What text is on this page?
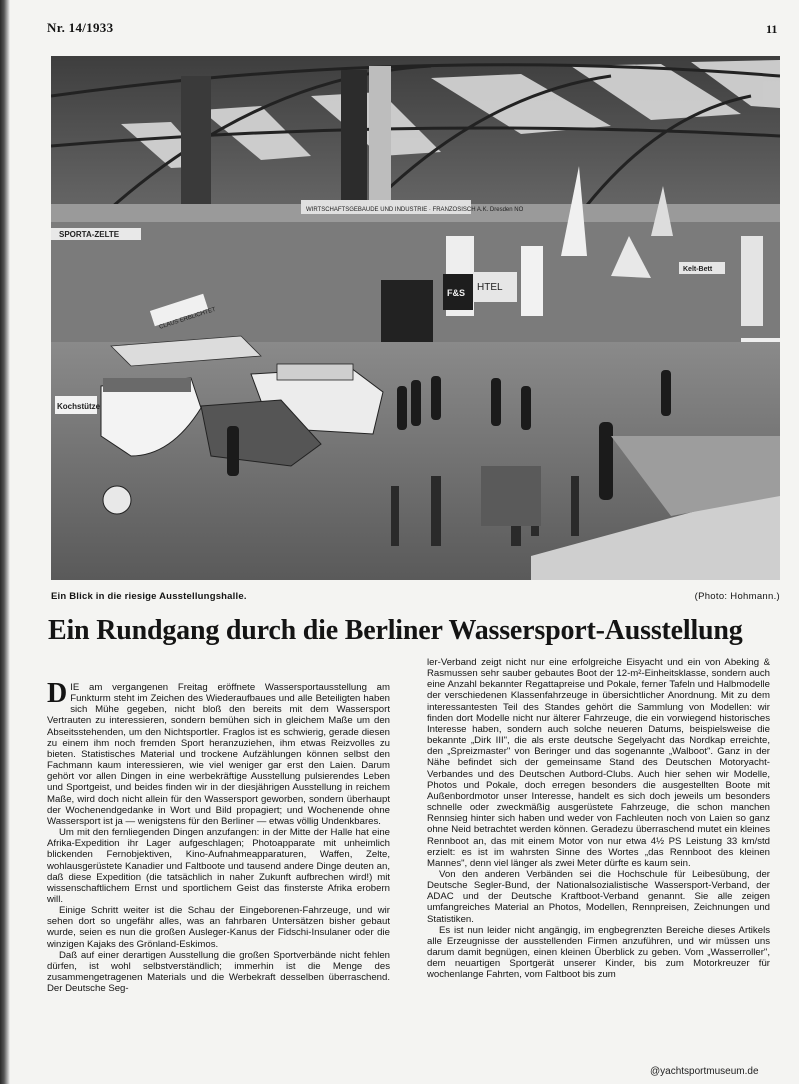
Nr. 14/1933	11
WIRTSCHAFTSGEBAUDE UND INDUSTRIE · FRANZOSISCH A.K. Dresden NO
SPORTA-ZELTE
F&S HTEL
Kelt-Bett
CLAUS ERBLICHTET
Kochstütze
Ein Blick in die riesige Ausstellungshalle.	(Photo: Hohmann.)
Ein Rundgang durch die Berliner Wassersport-Ausstellung

DIE am vergangenen Freitag eröffnete Wassersportausstellung am Funkturm steht im Zeichen des Wiederaufbaues und alle Beteiligten haben sich Mühe gegeben, nicht bloß den bereits mit dem Wassersport Vertrauten zu interessieren, sondern bemühen sich in gleichem Maße um den Abseitsstehenden, um den Nichtsportler. Fraglos ist es schwierig, gerade diesen zu einem ihm noch fremden Sport heranzuziehen, ihm etwas Reizvolles zu bieten. Statistisches Material und trockene Aufzählungen können selbst den Fachmann kaum interessieren, wie viel weniger gar erst den Laien. Darum gehört vor allen Dingen in eine werbekräftige Ausstellung pulsierendes Leben und Sportgeist, und beides finden wir in der diesjährigen Ausstellung in reichem Maße, wird doch nicht allein für den Wassersport geworben, sondern überhaupt der Wochenendgedanke in Wort und Bild propagiert; und Wochenende ohne Wassersport ist ja — wenigstens für den Berliner — etwas völlig Undenkbares.

Um mit den fernliegenden Dingen anzufangen: in der Mitte der Halle hat eine Afrika-Expedition ihr Lager aufgeschlagen; Photoapparate mit unheimlich blickenden Fernobjektiven, Kino-Aufnahmeapparaturen, Waffen, Zelte, wohlausgerüstete Kanadier und Faltboote und tausend andere Dinge deuten an, daß diese Expedition (die tatsächlich in naher Zukunft aufbrechen wird!) mit wissenschaftlichem Ernst und sportlichem Geist das finsterste Afrika erobern will.

Einige Schritt weiter ist die Schau der Eingeborenen-Fahrzeuge, und wir sehen dort so ungefähr alles, was an fahrbaren Untersätzen bisher gebaut wurde, seien es nun die großen Ausleger-Kanus der Fidschi-Insulaner oder die winzigen Kajaks des Grönland-Eskimos.

Daß auf einer derartigen Ausstellung die großen Sportverbände nicht fehlen dürfen, ist wohl selbstverständlich; immerhin ist die Menge des zusammengetragenen Materials und die Werbekraft desselben überraschend. Der Deutsche Seg-

ler-Verband zeigt nicht nur eine erfolgreiche Eisyacht und ein von Abeking & Rasmussen sehr sauber gebautes Boot der 12-m²-Einheitsklasse, sondern auch eine Anzahl bekannter Regattapreise und Pokale, ferner Tafeln und Halbmodelle der verschiedenen Klassenfahrzeuge in übersichtlicher Anordnung. Mit zu dem interessantesten Teil des Standes gehört die Sammlung von Modellen: wir finden dort Modelle nicht nur älterer Fahrzeuge, die ein vorwiegend historisches Interesse haben, sondern auch solche neueren Datums, beispielsweise die bekannte „Dirk III", die als erste deutsche Segelyacht das Nordkap erreichte, den „Spreizmaster" von Beringer und das sogenannte „Walboot". Ganz in der Nähe befindet sich der gemeinsame Stand des Deutschen Motoryacht-Verbandes und des Deutschen Autbord-Clubs. Auch hier sehen wir Modelle, Photos und Pokale, doch erregen besonders die ausgestellten Boote mit Außenbordmotor unser Interesse, handelt es sich doch jeweils um besonders schnelle oder zweckmäßig ausgerüstete Fahrzeuge, die schon manchen Rennsieg hinter sich haben und weder von Fachleuten noch von Laien so ganz ohne Neid betrachtet werden können. Geradezu überraschend mutet ein kleines Rennboot an, das mit einem Motor von nur etwa 4½ PS Leistung 33 km/std erzielt: es ist im wahrsten Sinne des Wortes „das Rennboot des kleinen Mannes", denn viel länger als zwei Meter dürfte es kaum sein.

Von den anderen Verbänden sei die Hochschule für Leibesübung, der Deutsche Segler-Bund, der Nationalsozialistische Wassersport-Verband, der ADAC und der Deutsche Kraftboot-Verband genannt. Sie alle zeigen umfangreiches Material an Photos, Modellen, Rennpreisen, Zeichnungen und Statistiken.

Es ist nun leider nicht angängig, im engbegrenzten Bereiche dieses Artikels alle Erzeugnisse der ausstellenden Firmen anzuführen, und wir müssen uns darum damit begnügen, einen kleinen Überblick zu geben. Vom „Wasserroller", dem neuartigen Sportgerät unserer Kinder, bis zum Motorkreuzer für wochenlange Fahrten, vom Faltboot bis zum

@yachtsportmuseum.de
